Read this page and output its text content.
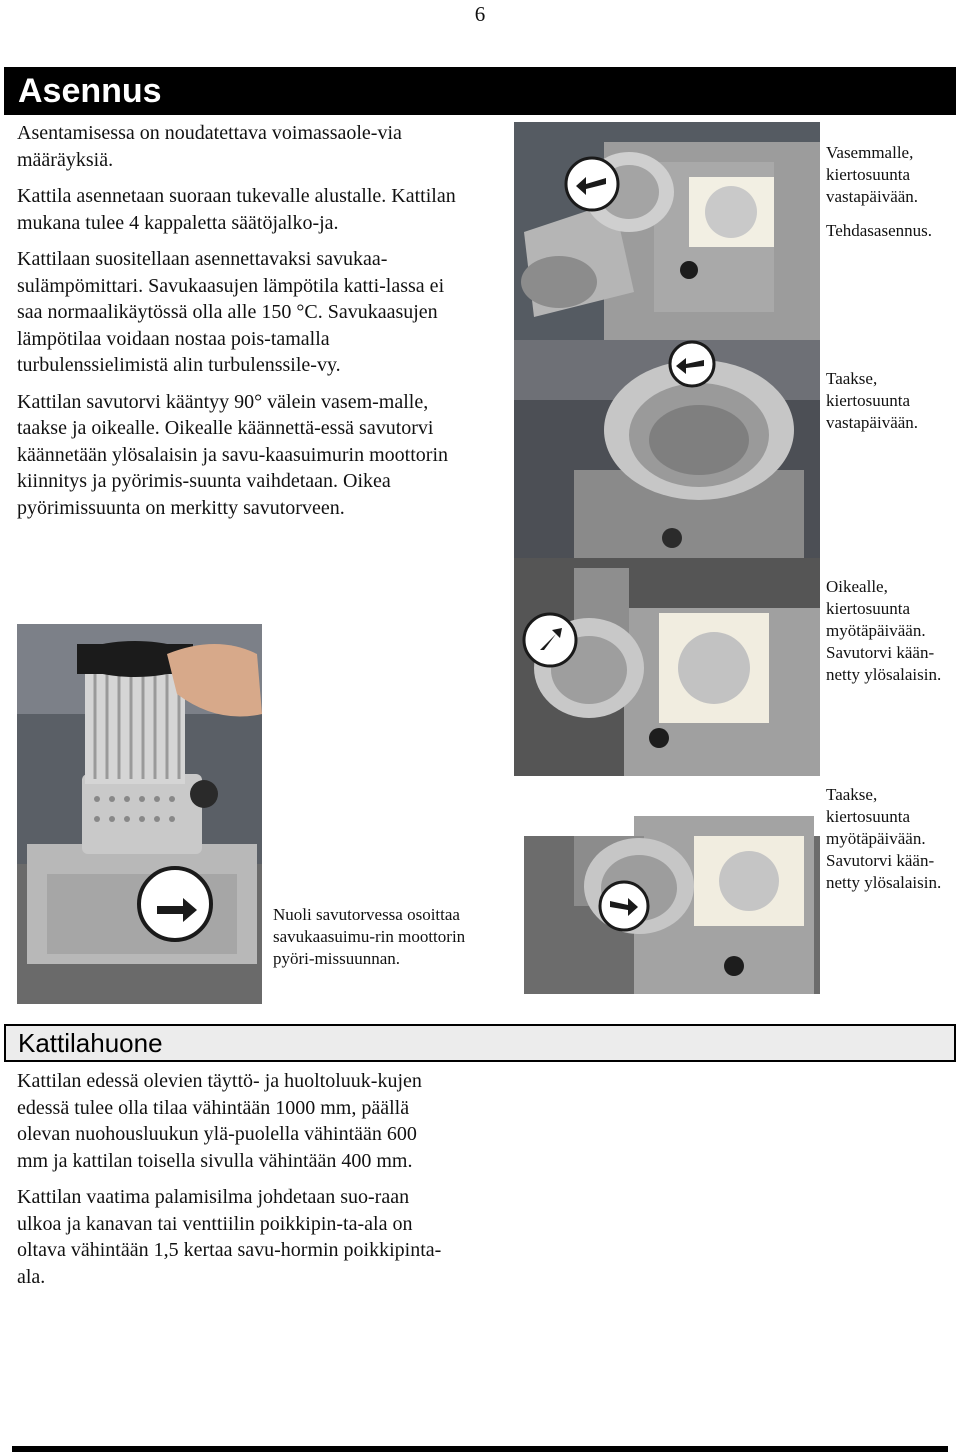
6
Asennus

Asentamisessa on noudatettava voimassaole-via määräyksiä.

Kattila asennetaan suoraan tukevalle alustalle. Kattilan mukana tulee 4 kappaletta säätöjalko-ja.

Kattilaan suositellaan asennettavaksi savukaa-sulämpömittari. Savukaasujen lämpötila katti-lassa ei saa normaalikäytössä olla alle 150 °C. Savukaasujen lämpötilaa voidaan nostaa pois-tamalla turbulenssielimistä alin turbulenssile-vy.

Kattilan savutorvi kääntyy 90° välein vasem-malle, taakse ja oikealle. Oikealle käännettä-essä savutorvi käännetään ylösalaisin ja savu-kaasuimurin moottorin kiinnitys ja pyörimis-suunta vaihdetaan. Oikea pyörimissuunta on merkitty savutorveen.

Nuoli savutorvessa osoittaa savukaasuimu-rin moottorin pyöri-missuunnan.

Vasemmalle, kiertosuunta vastapäivään.

Tehdasasennus.

Taakse, kiertosuunta vastapäivään.

Oikealle, kiertosuunta myötäpäivään. Savutorvi kään-netty ylösalaisin.

Taakse, kiertosuunta myötäpäivään. Savutorvi kään-netty ylösalaisin.

Kattilahuone

Kattilan edessä olevien täyttö- ja huoltoluuk-kujen edessä tulee olla tilaa vähintään 1000 mm, päällä olevan nuohousluukun ylä-puolella vähintään 600 mm ja kattilan toisella sivulla vähintään 400 mm.

Kattilan vaatima palamisilma johdetaan suo-raan ulkoa ja kanavan tai venttiilin poikkipin-ta-ala on oltava vähintään 1,5 kertaa savu-hormin poikkipinta-ala.
